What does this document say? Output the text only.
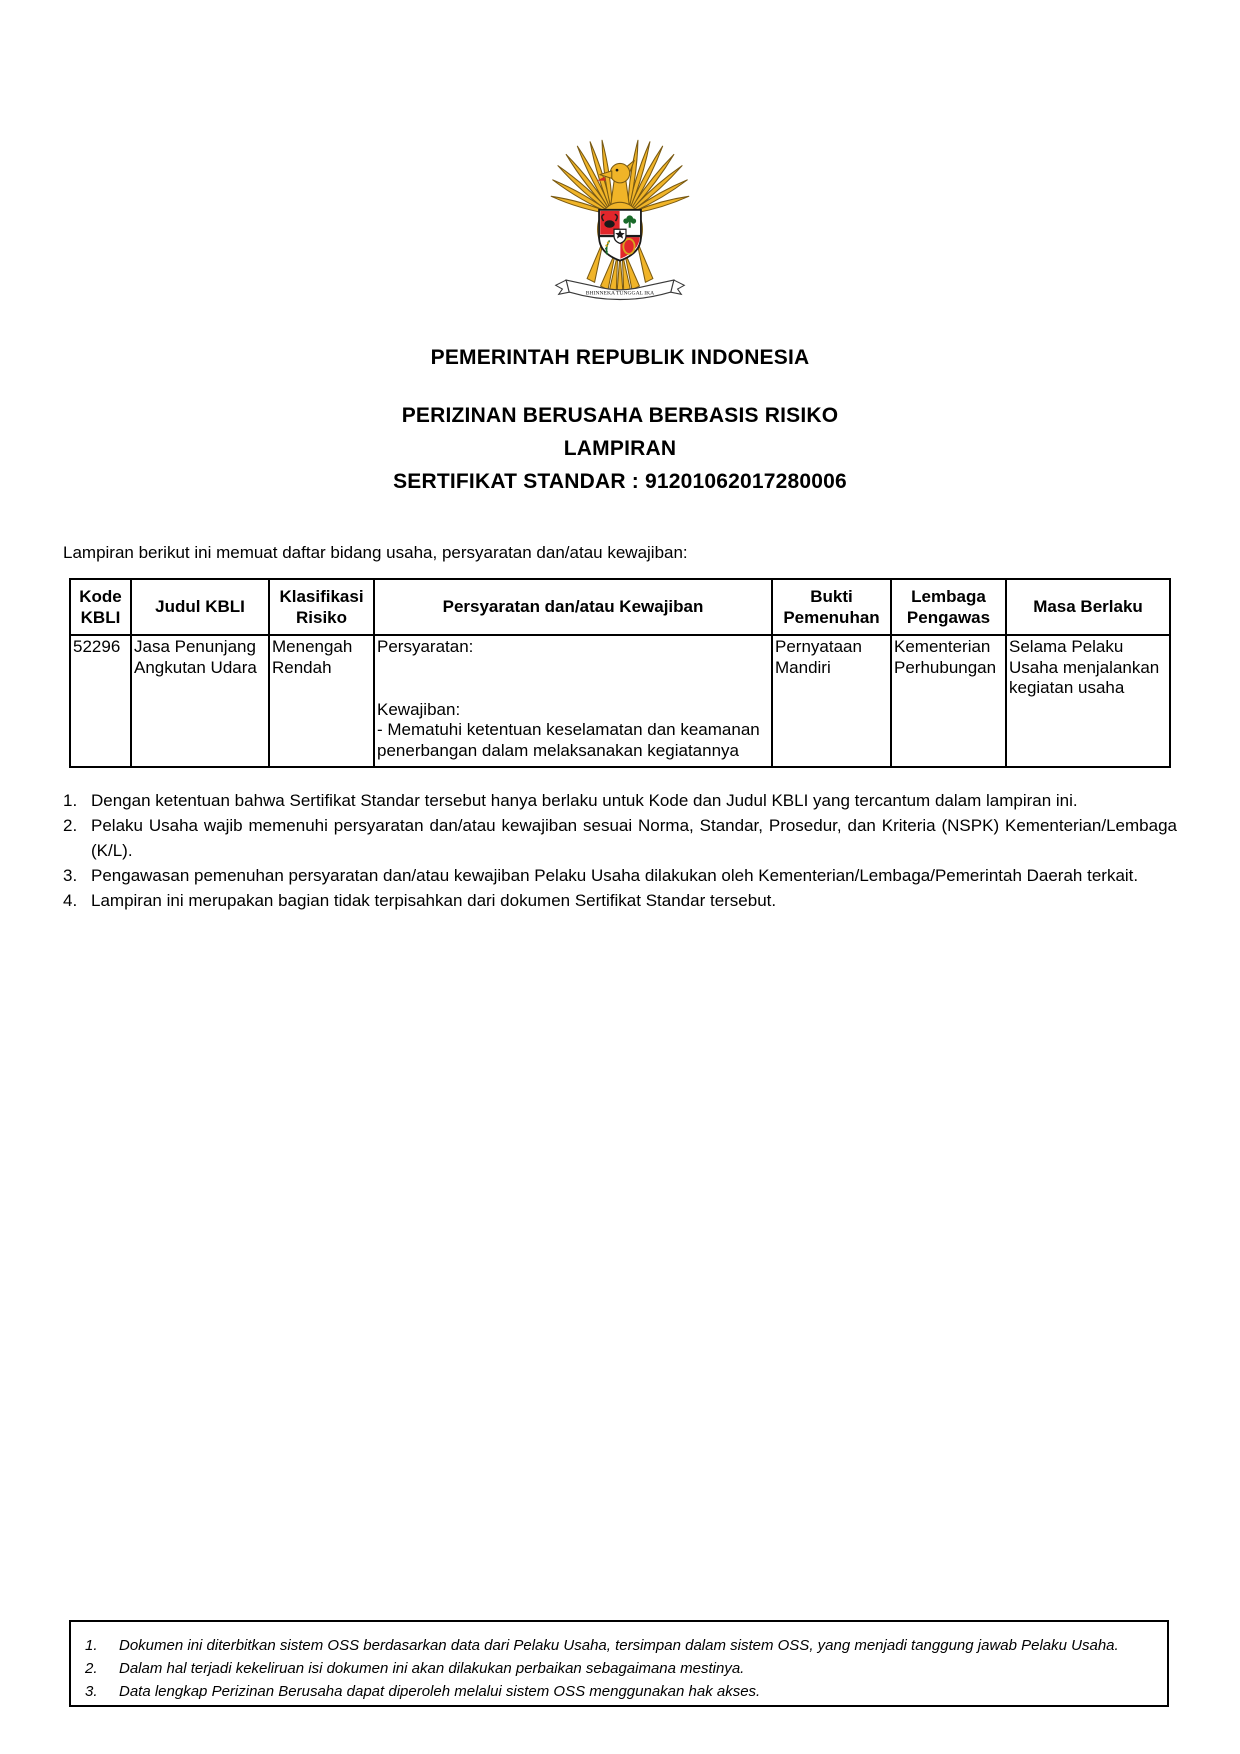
BHINNEKA TUNGGAL IKA
PEMERINTAH REPUBLIK INDONESIA
PERIZINAN BERUSAHA BERBASIS RISIKO
LAMPIRAN
SERTIFIKAT STANDAR : 91201062017280006
Lampiran berikut ini memuat daftar bidang usaha, persyaratan dan/atau kewajiban:
Kode KBLI	Judul KBLI	Klasifikasi Risiko	Persyaratan dan/atau Kewajiban	Bukti Pemenuhan	Lembaga Pengawas	Masa Berlaku
52296	Jasa Penunjang Angkutan Udara	Menengah Rendah	Persyaratan:
Kewajiban:
- Mematuhi ketentuan keselamatan dan keamanan penerbangan dalam melaksanakan kegiatannya	Pernyataan Mandiri	Kementerian Perhubungan	Selama Pelaku Usaha menjalankan kegiatan usaha
1. Dengan ketentuan bahwa Sertifikat Standar tersebut hanya berlaku untuk Kode dan Judul KBLI yang tercantum dalam lampiran ini.
2. Pelaku Usaha wajib memenuhi persyaratan dan/atau kewajiban sesuai Norma, Standar, Prosedur, dan Kriteria (NSPK) Kementerian/Lembaga (K/L).
3. Pengawasan pemenuhan persyaratan dan/atau kewajiban Pelaku Usaha dilakukan oleh Kementerian/Lembaga/Pemerintah Daerah terkait.
4. Lampiran ini merupakan bagian tidak terpisahkan dari dokumen Sertifikat Standar tersebut.
1.	Dokumen ini diterbitkan sistem OSS berdasarkan data dari Pelaku Usaha, tersimpan dalam sistem OSS, yang menjadi tanggung jawab Pelaku Usaha.
2.	Dalam hal terjadi kekeliruan isi dokumen ini akan dilakukan perbaikan sebagaimana mestinya.
3.	Data lengkap Perizinan Berusaha dapat diperoleh melalui sistem OSS menggunakan hak akses.
